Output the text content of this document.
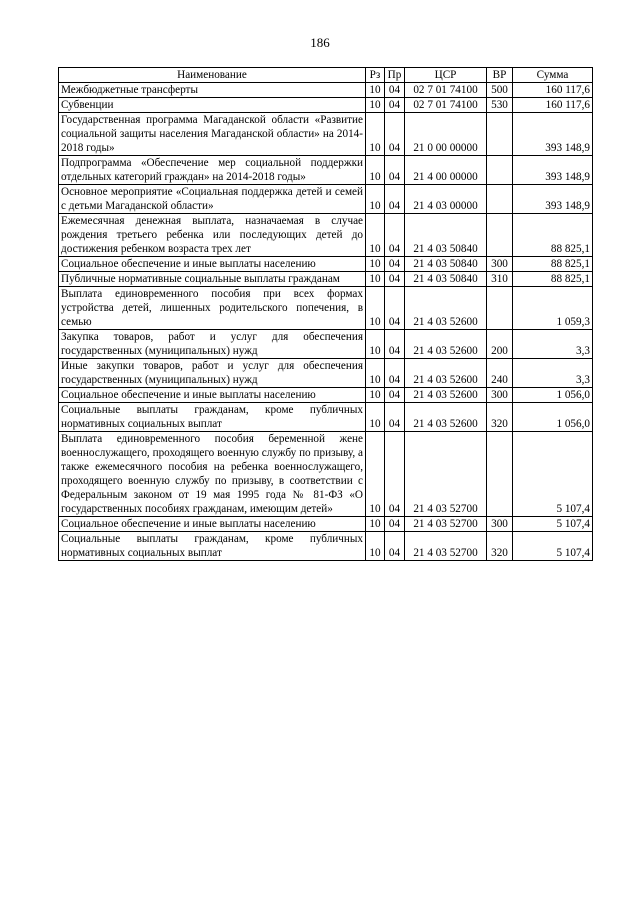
186
Наименование	Рз	Пр	ЦСР	ВР	Сумма
Межбюджетные трансферты	10	04	02 7 01 74100	500	160 117,6
Субвенции	10	04	02 7 01 74100	530	160 117,6
Государственная программа Магаданской области «Развитие социальной защиты населения Магаданской области» на 2014-2018 годы»	10	04	21 0 00 00000		393 148,9
Подпрограмма «Обеспечение мер социальной поддержки отдельных категорий граждан» на 2014-2018 годы»	10	04	21 4 00 00000		393 148,9
Основное мероприятие «Социальная поддержка детей и семей с детьми Магаданской области»	10	04	21 4 03 00000		393 148,9
Ежемесячная денежная выплата, назначаемая в случае рождения третьего ребенка или последующих детей до достижения ребенком возраста трех лет	10	04	21 4 03 50840		88 825,1
Социальное обеспечение и иные выплаты населению	10	04	21 4 03 50840	300	88 825,1
Публичные нормативные социальные выплаты гражданам	10	04	21 4 03 50840	310	88 825,1
Выплата единовременного пособия при всех формах устройства детей, лишенных родительского попечения, в семью	10	04	21 4 03 52600		1 059,3
Закупка товаров, работ и услуг для обеспечения государственных (муниципальных) нужд	10	04	21 4 03 52600	200	3,3
Иные закупки товаров, работ и услуг для обеспечения государственных (муниципальных) нужд	10	04	21 4 03 52600	240	3,3
Социальное обеспечение и иные выплаты населению	10	04	21 4 03 52600	300	1 056,0
Социальные выплаты гражданам, кроме публичных нормативных социальных выплат	10	04	21 4 03 52600	320	1 056,0
Выплата единовременного пособия беременной жене военнослужащего, проходящего военную службу по призыву, а также ежемесячного пособия на ребенка военнослужащего, проходящего военную службу по призыву, в соответствии с Федеральным законом от 19 мая 1995 года № 81-ФЗ «О государственных пособиях гражданам, имеющим детей»	10	04	21 4 03 52700		5 107,4
Социальное обеспечение и иные выплаты населению	10	04	21 4 03 52700	300	5 107,4
Социальные выплаты гражданам, кроме публичных нормативных социальных выплат	10	04	21 4 03 52700	320	5 107,4
